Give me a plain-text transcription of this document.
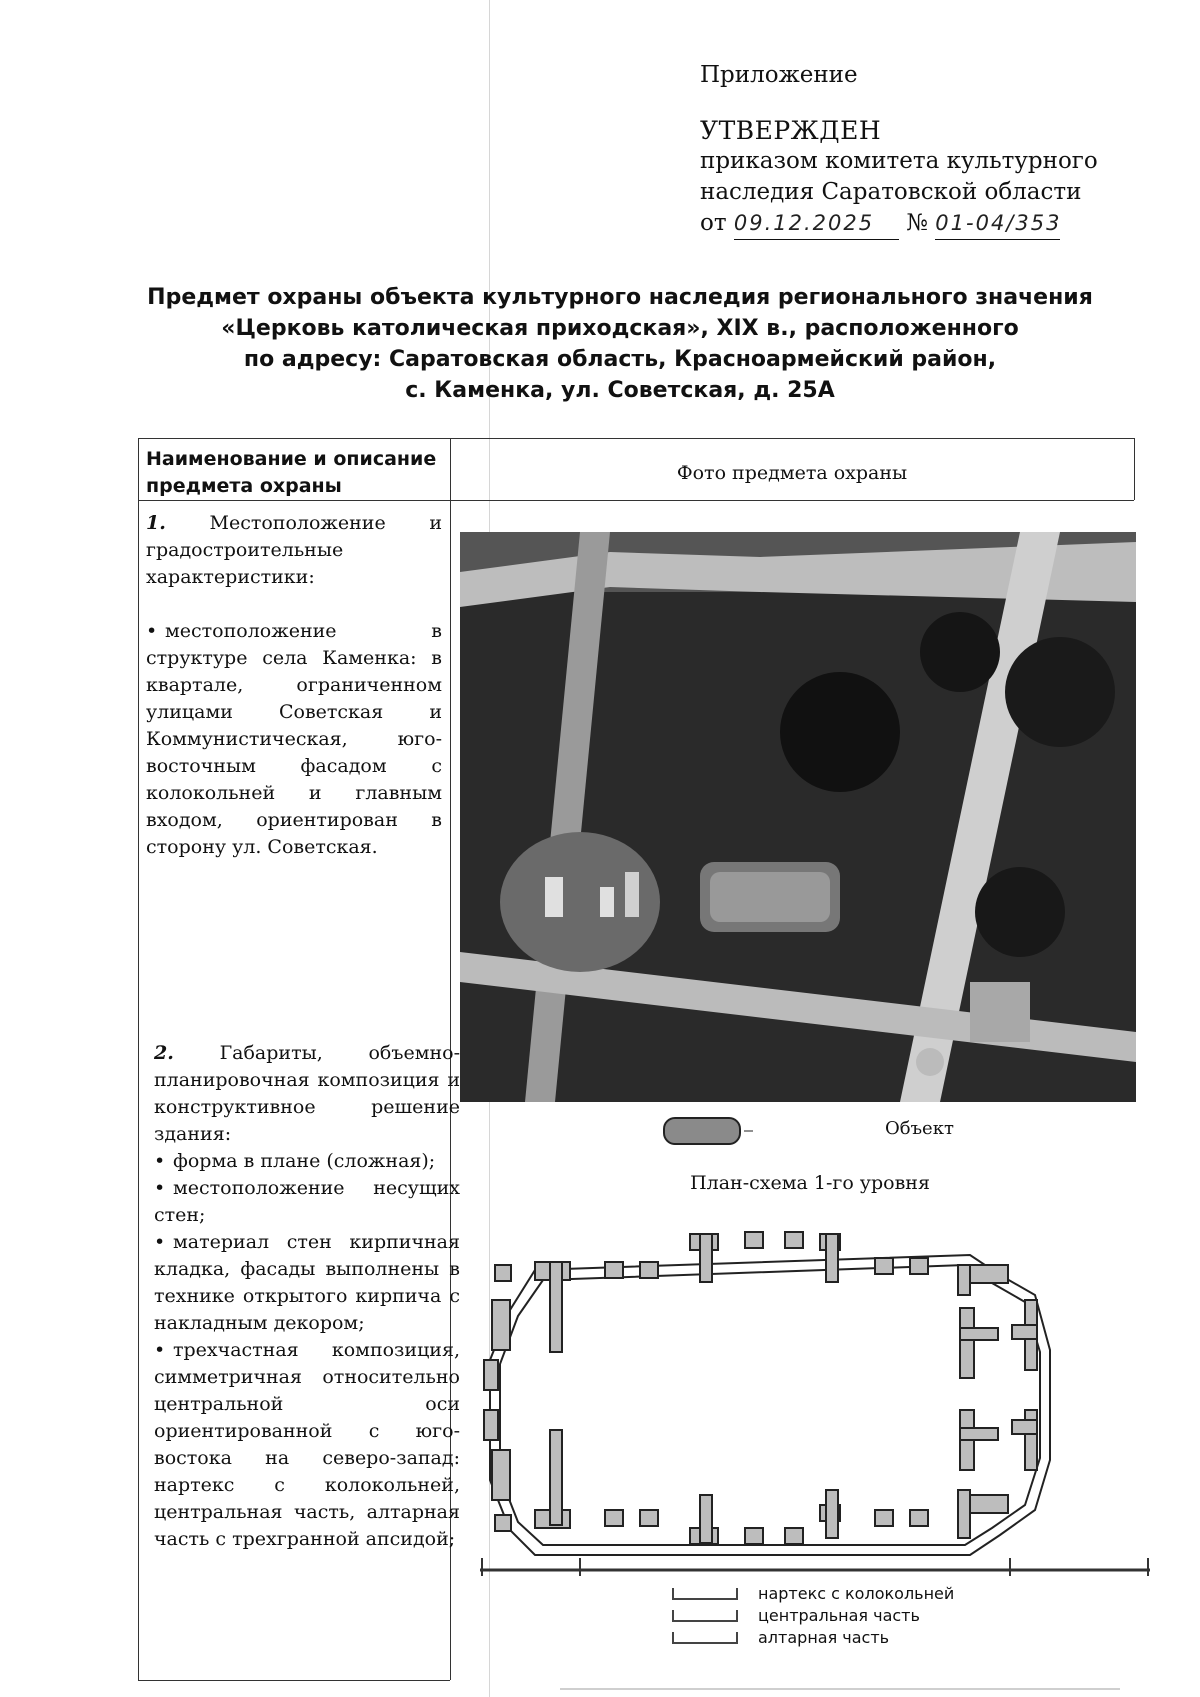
Приложение
УТВЕРЖДЕН
приказом комитета культурного
наследия Саратовской области
от 09.12.2025 № 01-04/353
Предмет охраны объекта культурного наследия регионального значения
«Церковь католическая приходская», XIX в., расположенного
по адресу: Саратовская область, Красноармейский район,
с. Каменка, ул. Советская, д. 25А
Наименование и описание предмета охраны
Фото предмета охраны

1. Местоположение и градостроительные характеристики:

• местоположение в структуре села Каменка: в квартале, ограниченном улицами Советская и Коммунистическая, юго-восточным фасадом с колокольней и главным входом, ориентирован в сторону ул. Советская.

2. Габариты, объемно-планировочная композиция и конструктивное решение здания:

• форма в плане (сложная);

• местоположение несущих стен;

• материал стен кирпичная кладка, фасады выполнены в технике открытого кирпича с накладным декором;

• трехчастная композиция, симметричная относительно центральной оси ориентированной с юго-востока на северо-запад: нартекс с колокольней, центральная часть, алтарная часть с трехгранной апсидой;

Объект
План-схема 1-го уровня
нартекс с колокольней
центральная часть
алтарная часть
